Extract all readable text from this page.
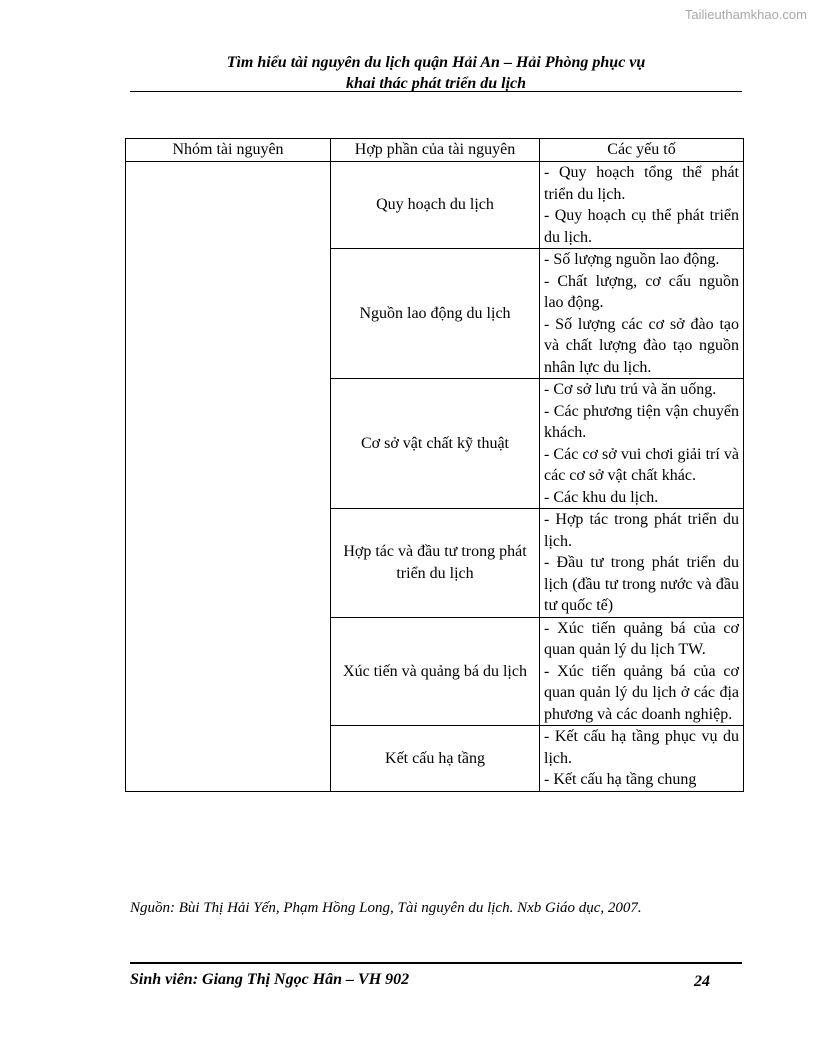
Tailieuthamkhao.com
Tìm hiểu tài nguyên du lịch quận Hải An – Hải Phòng phục vụ
khai thác phát triển du lịch
Nhóm tài nguyên	Hợp phần của tài nguyên	Các yếu tố
	Quy hoạch du lịch	- Quy hoạch tổng thể phát triển du lịch.
- Quy hoạch cụ thể phát triển du lịch.

	Nguồn lao động du lịch	- Số lượng nguồn lao động.
- Chất lượng, cơ cấu nguồn lao động.
- Số lượng các cơ sở đào tạo và chất lượng đào tạo nguồn nhân lực du lịch.

	Cơ sở vật chất kỹ thuật	- Cơ sở lưu trú và ăn uống.
- Các phương tiện vận chuyển khách.
- Các cơ sở vui chơi giải trí và các cơ sở vật chất khác.
- Các khu du lịch.

	Hợp tác và đầu tư trong phát triển du lịch	- Hợp tác trong phát triển du lịch.
- Đầu tư trong phát triển du lịch (đầu tư trong nước và đầu tư quốc tế)

	Xúc tiến và quảng bá du lịch	- Xúc tiến quảng bá của cơ quan quản lý du lịch TW.
- Xúc tiến quảng bá của cơ quan quản lý du lịch ở các địa phương và các doanh nghiệp.

	Kết cấu hạ tầng	- Kết cấu hạ tầng phục vụ du lịch.
- Kết cấu hạ tầng chung
Nguồn: Bùi Thị Hải Yến, Phạm Hồng Long, Tài nguyên du lịch. Nxb Giáo dục, 2007.
Sinh viên: Giang Thị Ngọc Hân – VH 902	24
